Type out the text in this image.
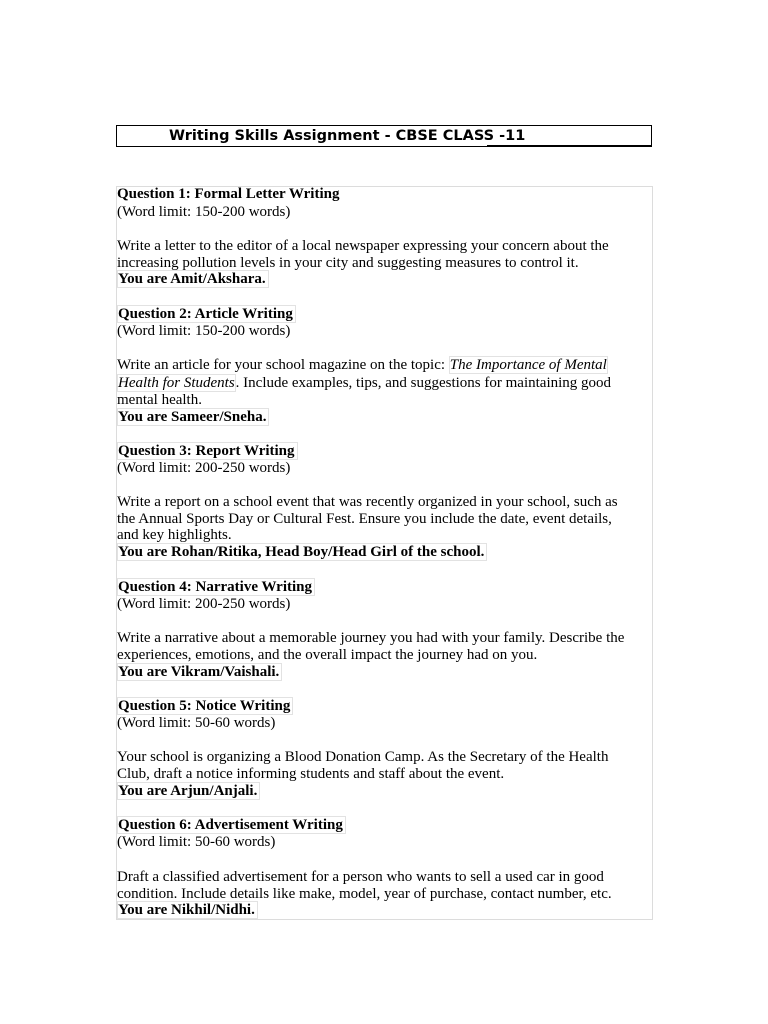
Writing Skills Assignment - CBSE CLASS -11
Question 1: Formal Letter Writing
(Word limit: 150-200 words)
Write a letter to the editor of a local newspaper expressing your concern about the
increasing pollution levels in your city and suggesting measures to control it.
You are Amit/Akshara.
Question 2: Article Writing
(Word limit: 150-200 words)
Write an article for your school magazine on the topic: The Importance of Mental
Health for Students. Include examples, tips, and suggestions for maintaining good
mental health.
You are Sameer/Sneha.
Question 3: Report Writing
(Word limit: 200-250 words)
Write a report on a school event that was recently organized in your school, such as
the Annual Sports Day or Cultural Fest. Ensure you include the date, event details,
and key highlights.
You are Rohan/Ritika, Head Boy/Head Girl of the school.
Question 4: Narrative Writing
(Word limit: 200-250 words)
Write a narrative about a memorable journey you had with your family. Describe the
experiences, emotions, and the overall impact the journey had on you.
You are Vikram/Vaishali.
Question 5: Notice Writing
(Word limit: 50-60 words)
Your school is organizing a Blood Donation Camp. As the Secretary of the Health
Club, draft a notice informing students and staff about the event.
You are Arjun/Anjali.
Question 6: Advertisement Writing
(Word limit: 50-60 words)
Draft a classified advertisement for a person who wants to sell a used car in good
condition. Include details like make, model, year of purchase, contact number, etc.
You are Nikhil/Nidhi.
